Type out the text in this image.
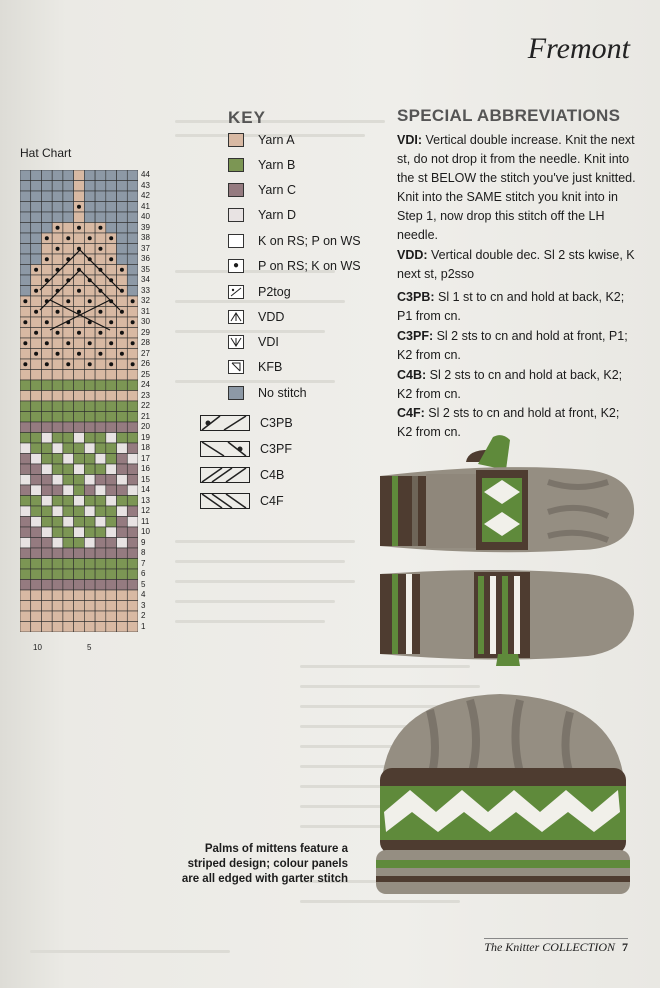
Fremont
Hat Chart
44
43
42
41
40
39
38
37
36
35
34
33
32
31
30
29
28
27
26
25
24
23
22
21
20
19
18
17
16
15
14
13
12
11
10
9
8
7
6
5
4
3
2
1
10	5
KEY
Yarn A
Yarn B
Yarn C
Yarn D
K on RS; P on WS
●	P on RS; K on WS
P2tog
VDD
VDI
KFB
No stitch
C3PB
C3PF
C4B
C4F
SPECIAL ABBREVIATIONS
VDI: Vertical double increase. Knit the next st, do not drop it from the needle. Knit into the st BELOW the stitch you've just knitted. Knit into the SAME stitch you knit into in Step 1, now drop this stitch off the LH needle.
VDD: Vertical double dec. Sl 2 sts kwise, K next st, p2sso
C3PB: Sl 1 st to cn and hold at back, K2; P1 from cn.
C3PF: Sl 2 sts to cn and hold at front, P1; K2 from cn.
C4B: Sl 2 sts to cn and hold at back, K2; K2 from cn.
C4F: Sl 2 sts to cn and hold at front, K2; K2 from cn.
Palms of mittens feature a striped design; colour panels are all edged with garter stitch
The Knitter COLLECTION 7
